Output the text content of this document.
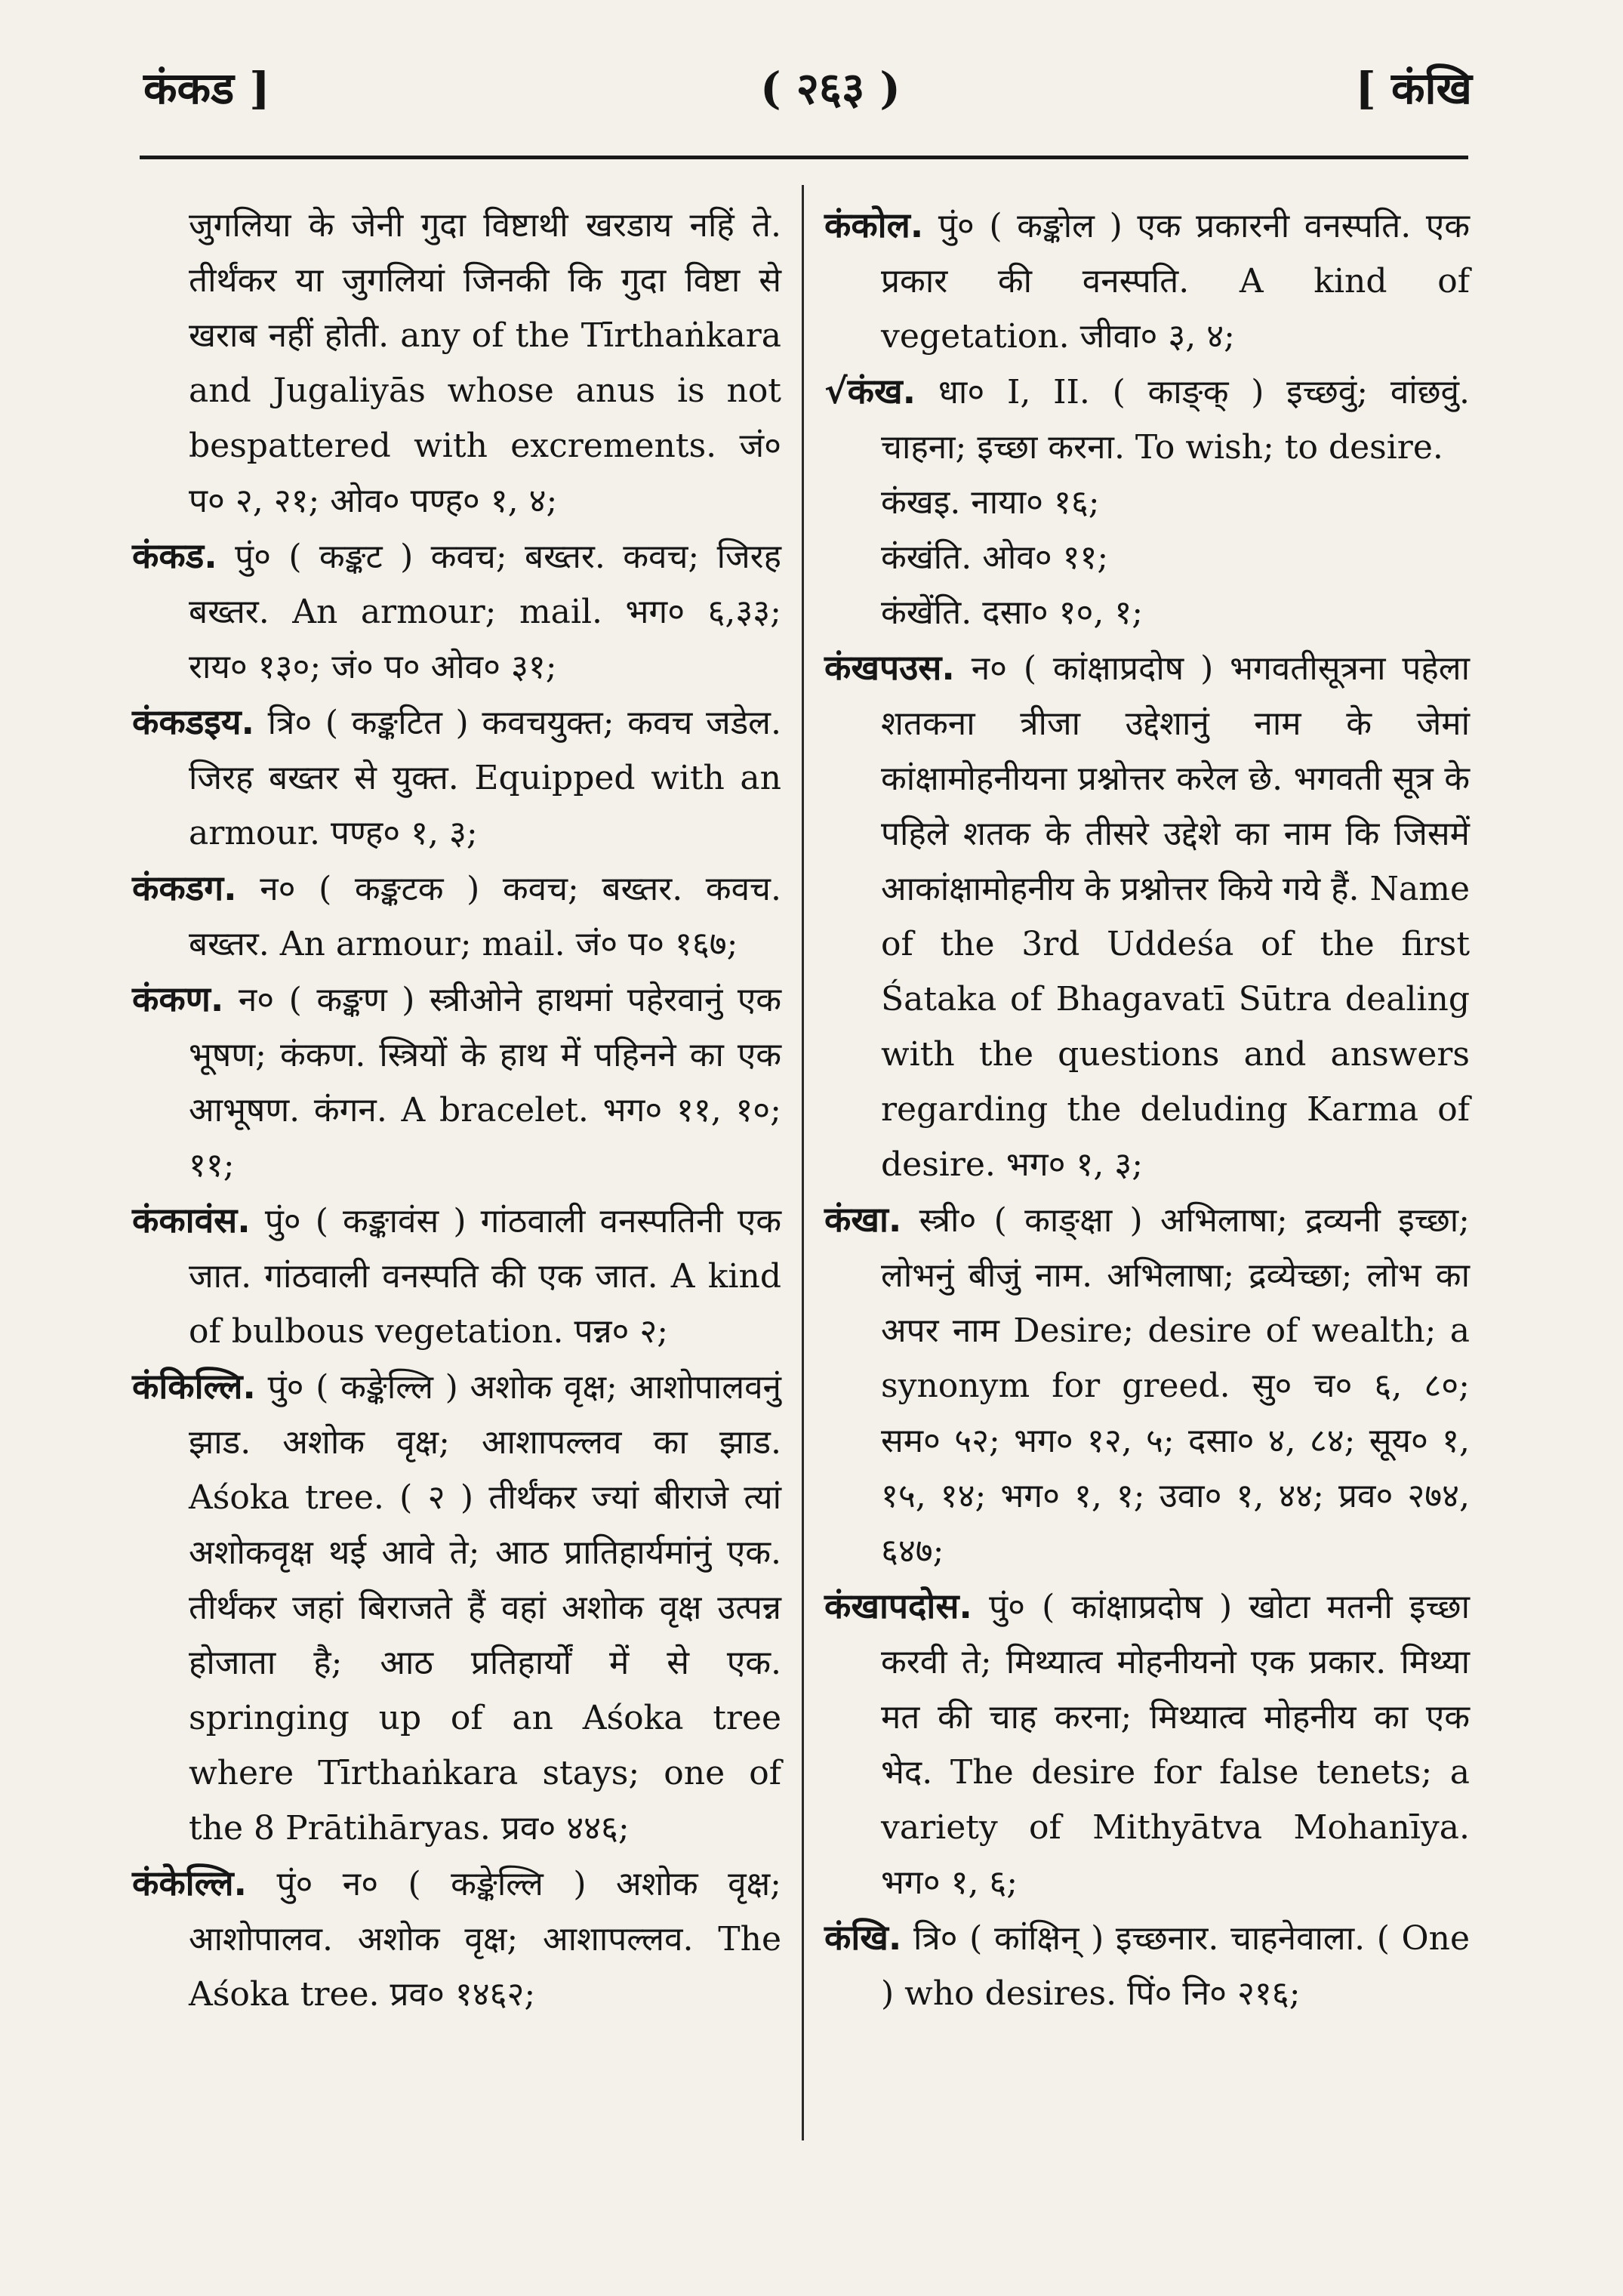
कंकड ]	( २६३ )	[ कंखि

जुगलिया के जेनी गुदा विष्टाथी खरडाय नहिं ते. तीर्थंकर या जुगलियां जिनकी कि गुदा विष्टा से खराब नहीं होती. any of the Tīrthaṅkara and Jugaliyās whose anus is not bespattered with excrements. जं० प० २, २१; ओव० पण्ह० १, ४;

कंकड. पुं० ( कङ्कट ) कवच; बख्तर. कवच; जिरह बख्तर. An armour; mail. भग० ६,३३; राय० १३०; जं० प० ओव० ३१;

कंकडइय. त्रि० ( कङ्कटित ) कवचयुक्त; कवच जडेल. जिरह बख्तर से युक्त. Equipped with an armour. पण्ह० १, ३;

कंकडग. न० ( कङ्कटक ) कवच; बख्तर. कवच. बख्तर. An armour; mail. जं० प० १६७;

कंकण. न० ( कङ्कण ) स्त्रीओने हाथमां पहेरवानुं एक भूषण; कंकण. स्त्रियों के हाथ में पहिनने का एक आभूषण. कंगन. A bracelet. भग० ११, १०; ११;

कंकावंस. पुं० ( कङ्कावंस ) गांठवाली वनस्पतिनी एक जात. गांठवाली वनस्पति की एक जात. A kind of bulbous vegetation. पन्न० २;

कंकिल्लि. पुं० ( कङ्केल्लि ) अशोक वृक्ष; आशोपालवनुं झाड. अशोक वृक्ष; आशापल्लव का झाड. Aśoka tree. ( २ ) तीर्थंकर ज्यां बीराजे त्यां अशोकवृक्ष थई आवे ते; आठ प्रातिहार्यमांनुं एक. तीर्थंकर जहां बिराजते हैं वहां अशोक वृक्ष उत्पन्न होजाता है; आठ प्रतिहार्यों में से एक. springing up of an Aśoka tree where Tīrthaṅkara stays; one of the 8 Prātihāryas. प्रव० ४४६;

कंकेल्लि. पुं० न० ( कङ्केल्लि ) अशोक वृक्ष; आशोपालव. अशोक वृक्ष; आशापल्लव. The Aśoka tree. प्रव० १४६२;

कंकोल. पुं० ( कङ्कोल ) एक प्रकारनी वनस्पति. एक प्रकार की वनस्पति. A kind of vegetation. जीवा० ३, ४;

√कंख. धा० I, II. ( काङ्क् ) इच्छवुं; वांछवुं. चाहना; इच्छा करना. To wish; to desire.

कंखइ. नाया० १६;

कंखंति. ओव० ११;

कंखेंति. दसा० १०, १;

कंखपउस. न० ( कांक्षाप्रदोष ) भगवतीसूत्रना पहेला शतकना त्रीजा उद्देशानुं नाम के जेमां कांक्षामोहनीयना प्रश्नोत्तर करेल छे. भगवती सूत्र के पहिले शतक के तीसरे उद्देशे का नाम कि जिसमें आकांक्षामोहनीय के प्रश्नोत्तर किये गये हैं. Name of the 3rd Uddeśa of the first Śataka of Bhagavatī Sūtra dealing with the questions and answers regarding the deluding Karma of desire. भग० १, ३;

कंखा. स्त्री० ( काङ्क्षा ) अभिलाषा; द्रव्यनी इच्छा; लोभनुं बीजुं नाम. अभिलाषा; द्रव्येच्छा; लोभ का अपर नाम Desire; desire of wealth; a synonym for greed. सु० च० ६, ८०; सम० ५२; भग० १२, ५; दसा० ४, ८४; सूय० १, १५, १४; भग० १, १; उवा० १, ४४; प्रव० २७४, ६४७;

कंखापदोस. पुं० ( कांक्षाप्रदोष ) खोटा मतनी इच्छा करवी ते; मिथ्यात्व मोहनीयनो एक प्रकार. मिथ्या मत की चाह करना; मिथ्यात्व मोहनीय का एक भेद. The desire for false tenets; a variety of Mithyātva Mohanīya. भग० १, ६;

कंखि. त्रि० ( कांक्षिन् ) इच्छनार. चाहनेवाला. ( One ) who desires. पिं० नि० २१६;
